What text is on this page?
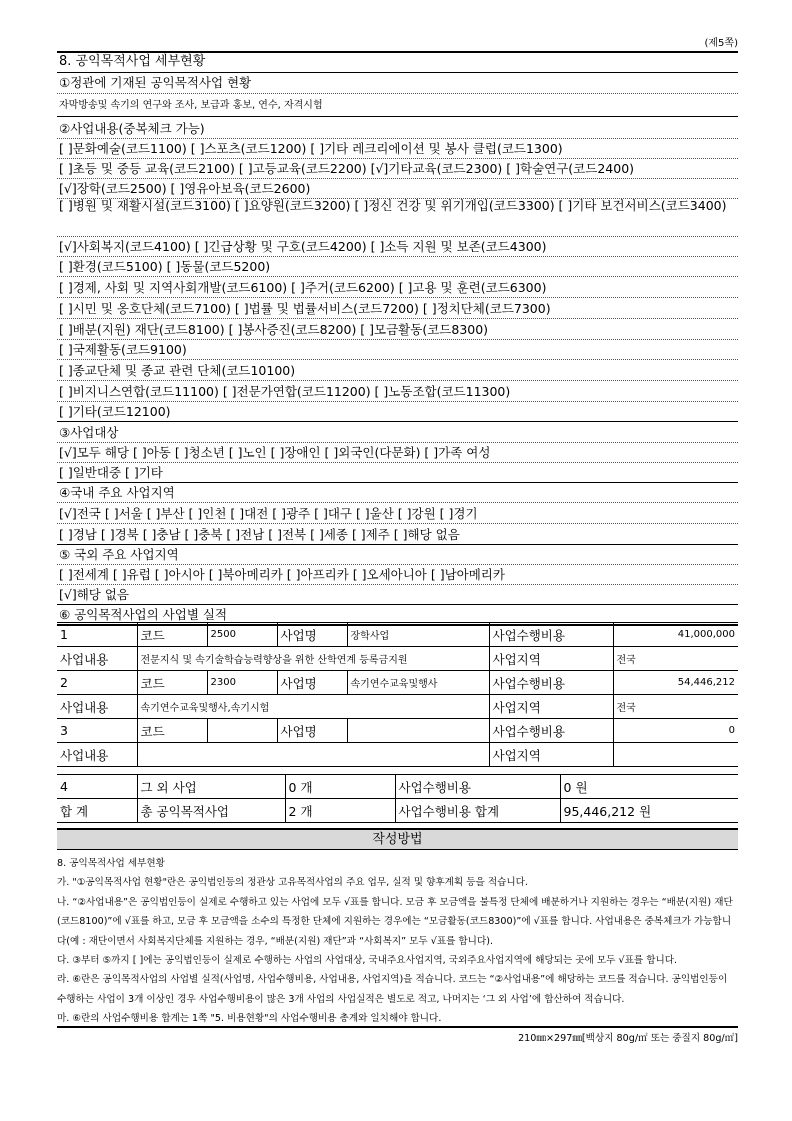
(제5쪽)
8. 공익목적사업 세부현황
①정관에 기재된 공익목적사업 현황
자막방송및 속기의 연구와 조사, 보급과 홍보, 연수, 자격시험
②사업내용(중복체크 가능)
[ ]문화예술(코드1100) [ ]스포츠(코드1200) [ ]기타 레크리에이션 및 봉사 클럽(코드1300)
[ ]초등 및 중등 교육(코드2100) [ ]고등교육(코드2200) [√]기타교육(코드2300) [ ]학술연구(코드2400)
[√]장학(코드2500) [ ]영유아보육(코드2600)
[ ]병원 및 재활시설(코드3100) [ ]요양원(코드3200) [ ]정신 건강 및 위기개입(코드3300) [ ]기타 보건서비스(코드3400)
[√]사회복지(코드4100) [ ]긴급상황 및 구호(코드4200) [ ]소득 지원 및 보존(코드4300)
[ ]환경(코드5100) [ ]동물(코드5200)
[ ]경제, 사회 및 지역사회개발(코드6100) [ ]주거(코드6200) [ ]고용 및 훈련(코드6300)
[ ]시민 및 옹호단체(코드7100) [ ]법률 및 법률서비스(코드7200) [ ]정치단체(코드7300)
[ ]배분(지원) 재단(코드8100) [ ]봉사증진(코드8200) [ ]모금활동(코드8300)
[ ]국제활동(코드9100)
[ ]종교단체 및 종교 관련 단체(코드10100)
[ ]비지니스연합(코드11100) [ ]전문가연합(코드11200) [ ]노동조합(코드11300)
[ ]기타(코드12100)
③사업대상
[√]모두 해당 [ ]아동 [ ]청소년 [ ]노인 [ ]장애인 [ ]외국인(다문화) [ ]가족 여성
[ ]일반대중 [ ]기타
④국내 주요 사업지역
[√]전국 [ ]서울 [ ]부산 [ ]인천 [ ]대전 [ ]광주 [ ]대구 [ ]울산 [ ]강원 [ ]경기
[ ]경남 [ ]경북 [ ]충남 [ ]충북 [ ]전남 [ ]전북 [ ]세종 [ ]제주 [ ]해당 없음
⑤ 국외 주요 사업지역
[ ]전세계 [ ]유럽 [ ]아시아 [ ]북아메리카 [ ]아프리카 [ ]오세아니아 [ ]남아메리카
[√]해당 없음
⑥ 공익목적사업의 사업별 실적
1	코드	2500	사업명	장학사업	사업수행비용	41,000,000
사업내용	전문지식 및 속기술학습능력향상을 위한 산학연계 등록금지원				사업지역	전국
2	코드	2300	사업명	속기연수교육및행사	사업수행비용	54,446,212
사업내용	속기연수교육및행사,속기시험				사업지역	전국
3	코드		사업명		사업수행비용	0
사업내용					사업지역	
4	그 외 사업	0 개	사업수행비용	0 원
합 계	총 공익목적사업	2 개	사업수행비용 합계	95,446,212 원
작성방법

8. 공익목적사업 세부현황

가. "①공익목적사업 현황"란은 공익법인등의 정관상 고유목적사업의 주요 업무, 실적 및 향후계획 등을 적습니다.

나. “②사업내용”은 공익법인등이 실제로 수행하고 있는 사업에 모두 √표를 합니다. 모금 후 모금액을 불특정 단체에 배분하거나 지원하는 경우는 “배분(지원) 재단(코드8100)”에 √표를 하고, 모금 후 모금액을 소수의 특정한 단체에 지원하는 경우에는 “모금활동(코드8300)”에 √표를 합니다. 사업내용은 중복체크가 가능합니다(예 : 재단이면서 사회복지단체를 지원하는 경우, “배분(지원) 재단”과 “사회복지” 모두 √표를 합니다).

다. ③부터 ⑤까지 [ ]에는 공익법인등이 실제로 수행하는 사업의 사업대상, 국내주요사업지역, 국외주요사업지역에 해당되는 곳에 모두 √표를 합니다.

라. ⑥란은 공익목적사업의 사업별 실적(사업명, 사업수행비용, 사업내용, 사업지역)을 적습니다. 코드는 “②사업내용”에 해당하는 코드를 적습니다. 공익법인등이 수행하는 사업이 3개 이상인 경우 사업수행비용이 많은 3개 사업의 사업실적은 별도로 적고, 나머지는 ‘그 외 사업’에 합산하여 적습니다.

마. ⑥란의 사업수행비용 합계는 1쪽 "5. 비용현황"의 사업수행비용 총계와 일치해야 합니다.

210㎜×297㎜[백상지 80g/㎡ 또는 중질지 80g/㎡]
